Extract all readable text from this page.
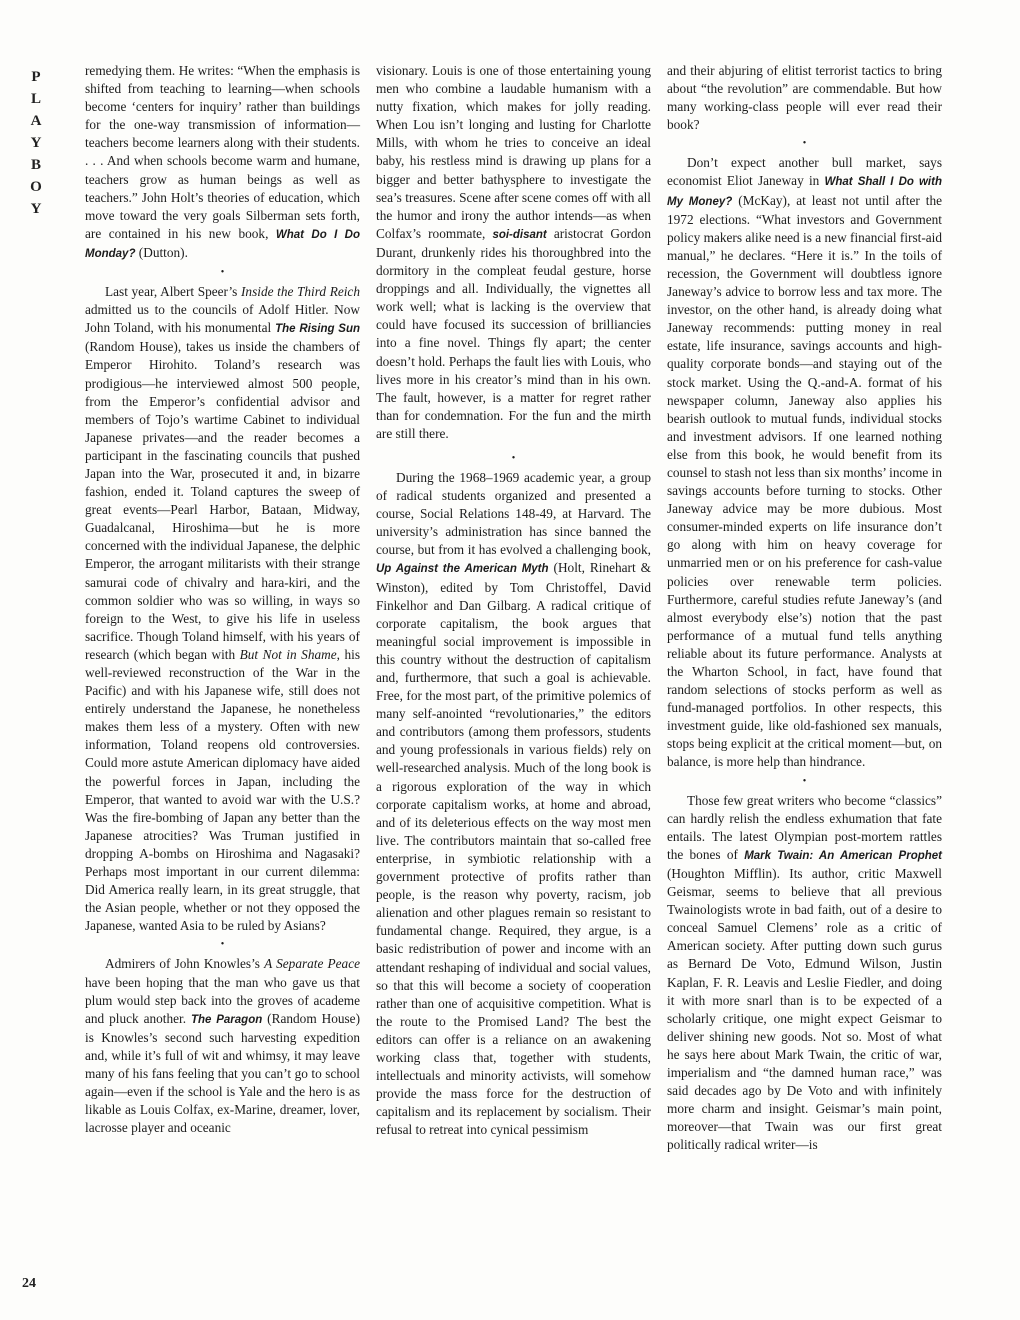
P
L
A
Y
B
O
Y
24

remedying them. He writes: “When the emphasis is shifted from teaching to learning—when schools become ‘centers for inquiry’ rather than buildings for the one-way transmission of information—teachers become learners along with their students. . . . And when schools become warm and humane, teachers grow as human beings as well as teachers.” John Holt’s theories of education, which move toward the very goals Silberman sets forth, are contained in his new book, What Do I Do Monday? (Dutton).

•

Last year, Albert Speer’s Inside the Third Reich admitted us to the councils of Adolf Hitler. Now John Toland, with his monumental The Rising Sun (Random House), takes us inside the chambers of Emperor Hirohito. Toland’s research was prodigious—he interviewed almost 500 people, from the Emperor’s confidential advisor and members of Tojo’s wartime Cabinet to individual Japanese privates—and the reader becomes a participant in the fascinating councils that pushed Japan into the War, prosecuted it and, in bizarre fashion, ended it. Toland captures the sweep of great events—Pearl Harbor, Bataan, Midway, Guadalcanal, Hiroshima—but he is more concerned with the individual Japanese, the delphic Emperor, the arrogant militarists with their strange samurai code of chivalry and hara-kiri, and the common soldier who was so willing, in ways so foreign to the West, to give his life in useless sacrifice. Though Toland himself, with his years of research (which began with But Not in Shame, his well-reviewed reconstruction of the War in the Pacific) and with his Japanese wife, still does not entirely understand the Japanese, he nonetheless makes them less of a mystery. Often with new information, Toland reopens old controversies. Could more astute American diplomacy have aided the powerful forces in Japan, including the Emperor, that wanted to avoid war with the U.S.? Was the fire-bombing of Japan any better than the Japanese atrocities? Was Truman justified in dropping A-bombs on Hiroshima and Nagasaki? Perhaps most important in our current dilemma: Did America really learn, in its great struggle, that the Asian people, whether or not they opposed the Japanese, wanted Asia to be ruled by Asians?

•

Admirers of John Knowles’s A Separate Peace have been hoping that the man who gave us that plum would step back into the groves of academe and pluck another. The Paragon (Random House) is Knowles’s second such harvesting expedition and, while it’s full of wit and whimsy, it may leave many of his fans feeling that you can’t go to school again—even if the school is Yale and the hero is as likable as Louis Colfax, ex-Marine, dreamer, lover, lacrosse player and oceanic

visionary. Louis is one of those entertaining young men who combine a laudable humanism with a nutty fixation, which makes for jolly reading. When Lou isn’t longing and lusting for Charlotte Mills, with whom he tries to conceive an ideal baby, his restless mind is drawing up plans for a bigger and better bathysphere to investigate the sea’s treasures. Scene after scene comes off with all the humor and irony the author intends—as when Colfax’s roommate, soi-disant aristocrat Gordon Durant, drunkenly rides his thoroughbred into the dormitory in the compleat feudal gesture, horse droppings and all. Individually, the vignettes all work well; what is lacking is the overview that could have focused its succession of brilliancies into a fine novel. Things fly apart; the center doesn’t hold. Perhaps the fault lies with Louis, who lives more in his creator’s mind than in his own. The fault, however, is a matter for regret rather than for condemnation. For the fun and the mirth are still there.

•

During the 1968–1969 academic year, a group of radical students organized and presented a course, Social Relations 148-49, at Harvard. The university’s administration has since banned the course, but from it has evolved a challenging book, Up Against the American Myth (Holt, Rinehart & Winston), edited by Tom Christoffel, David Finkelhor and Dan Gilbarg. A radical critique of corporate capitalism, the book argues that meaningful social improvement is impossible in this country without the destruction of capitalism and, furthermore, that such a goal is achievable. Free, for the most part, of the primitive polemics of many self-anointed “revolutionaries,” the editors and contributors (among them professors, students and young professionals in various fields) rely on well-researched analysis. Much of the long book is a rigorous exploration of the way in which corporate capitalism works, at home and abroad, and of its deleterious effects on the way most men live. The contributors maintain that so-called free enterprise, in symbiotic relationship with a government protective of profits rather than people, is the reason why poverty, racism, job alienation and other plagues remain so resistant to fundamental change. Required, they argue, is a basic redistribution of power and income with an attendant reshaping of individual and social values, so that this will become a society of cooperation rather than one of acquisitive competition. What is the route to the Promised Land? The best the editors can offer is a reliance on an awakening working class that, together with students, intellectuals and minority activists, will somehow provide the mass force for the destruction of capitalism and its replacement by socialism. Their refusal to retreat into cynical pessimism

and their abjuring of elitist terrorist tactics to bring about “the revolution” are commendable. But how many working-class people will ever read their book?

•

Don’t expect another bull market, says economist Eliot Janeway in What Shall I Do with My Money? (McKay), at least not until after the 1972 elections. “What investors and Government policy makers alike need is a new financial first-aid manual,” he declares. “Here it is.” In the toils of recession, the Government will doubtless ignore Janeway’s advice to borrow less and tax more. The investor, on the other hand, is already doing what Janeway recommends: putting money in real estate, life insurance, savings accounts and high-quality corporate bonds—and staying out of the stock market. Using the Q.-and-A. format of his newspaper column, Janeway also applies his bearish outlook to mutual funds, individual stocks and investment advisors. If one learned nothing else from this book, he would benefit from its counsel to stash not less than six months’ income in savings accounts before turning to stocks. Other Janeway advice may be more dubious. Most consumer-minded experts on life insurance don’t go along with him on heavy coverage for unmarried men or on his preference for cash-value policies over renewable term policies. Furthermore, careful studies refute Janeway’s (and almost everybody else’s) notion that the past performance of a mutual fund tells anything reliable about its future performance. Analysts at the Wharton School, in fact, have found that random selections of stocks perform as well as fund-managed portfolios. In other respects, this investment guide, like old-fashioned sex manuals, stops being explicit at the critical moment—but, on balance, is more help than hindrance.

•

Those few great writers who become “classics” can hardly relish the endless exhumation that fate entails. The latest Olympian post-mortem rattles the bones of Mark Twain: An American Prophet (Houghton Mifflin). Its author, critic Maxwell Geismar, seems to believe that all previous Twainologists wrote in bad faith, out of a desire to conceal Samuel Clemens’ role as a critic of American society. After putting down such gurus as Bernard De Voto, Edmund Wilson, Justin Kaplan, F. R. Leavis and Leslie Fiedler, and doing it with more snarl than is to be expected of a scholarly critique, one might expect Geismar to deliver shining new goods. Not so. Most of what he says here about Mark Twain, the critic of war, imperialism and “the damned human race,” was said decades ago by De Voto and with infinitely more charm and insight. Geismar’s main point, moreover—that Twain was our first great politically radical writer—is
